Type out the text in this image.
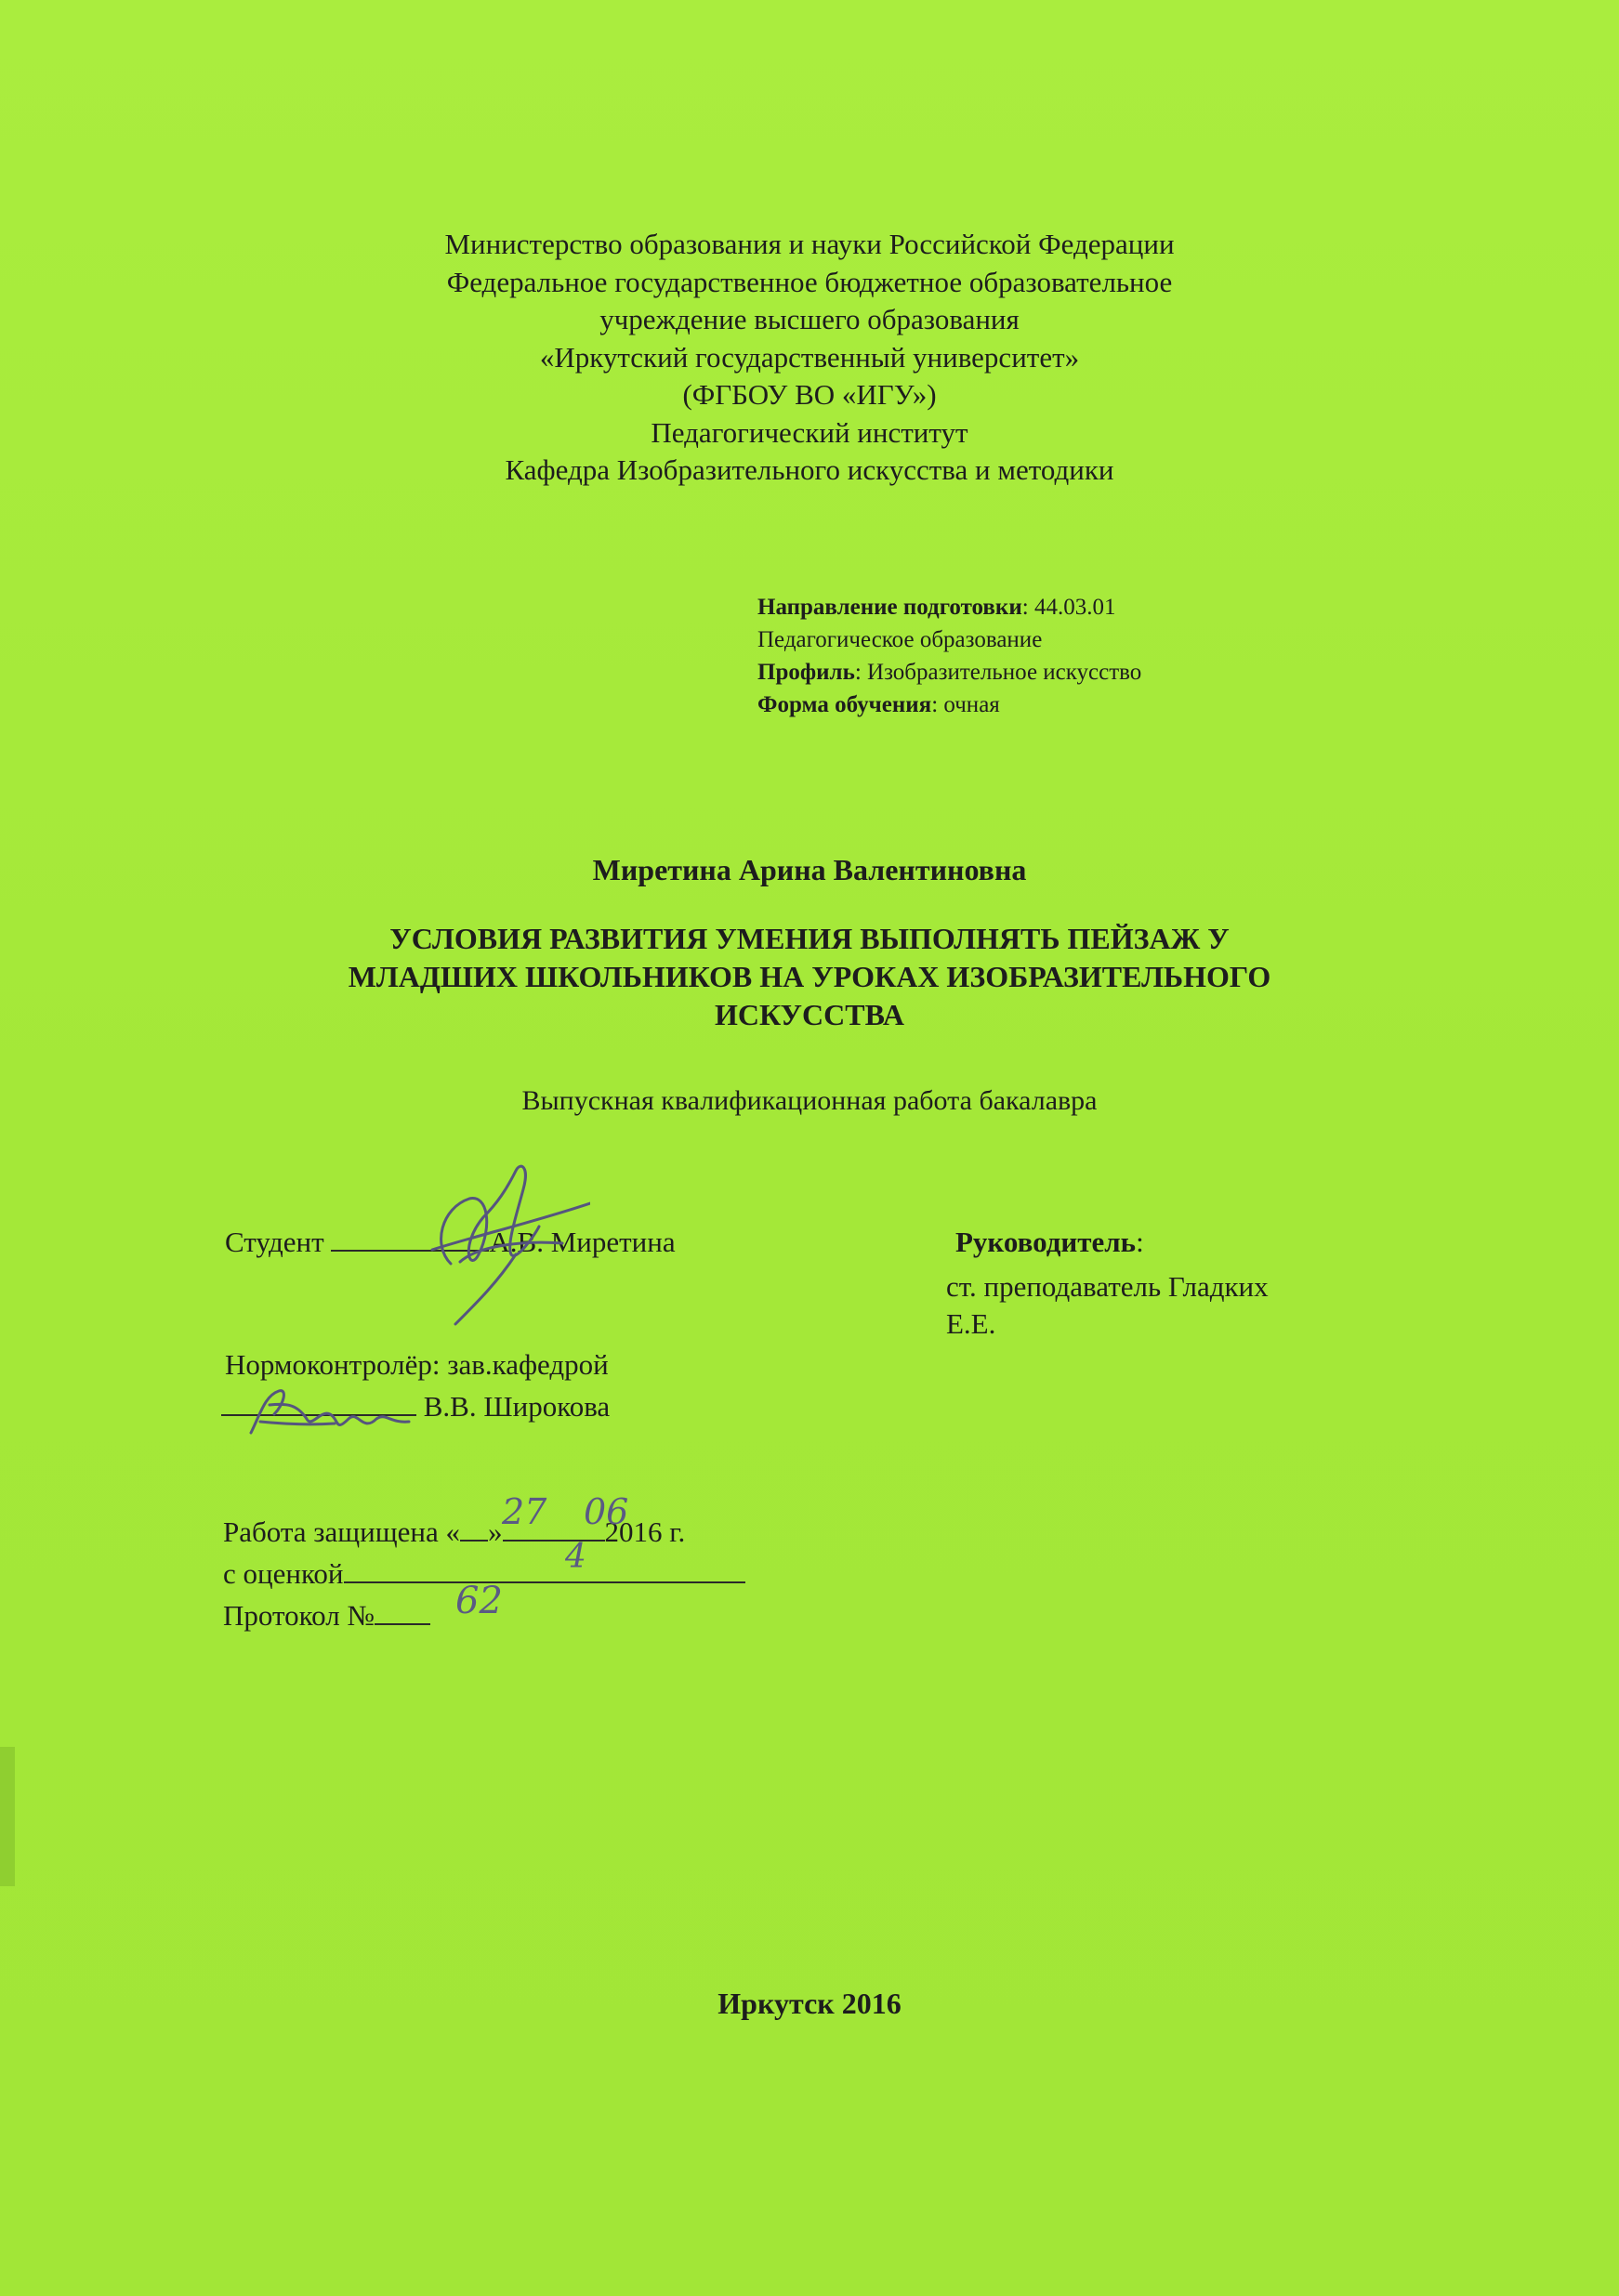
Министерство образования и науки Российской Федерации
Федеральное государственное бюджетное образовательное
учреждение высшего образования
«Иркутский государственный университет»
(ФГБОУ ВО «ИГУ»)
Педагогический институт
Кафедра Изобразительного искусства и методики
Направление подготовки: 44.03.01
Педагогическое образование
Профиль: Изобразительное искусство
Форма обучения: очная
Миретина Арина Валентиновна
УСЛОВИЯ РАЗВИТИЯ УМЕНИЯ ВЫПОЛНЯТЬ ПЕЙЗАЖ У
МЛАДШИХ ШКОЛЬНИКОВ НА УРОКАХ ИЗОБРАЗИТЕЛЬНОГО
ИСКУССТВА
Выпускная квалификационная работа бакалавра
Студент	А.В. Миретина	Руководитель:
ст. преподаватель Гладких
Е.Е.
Нормоконтролёр: зав.кафедрой
В.В. Широкова
Работа защищена « »	2016 г.
27 06
с оценкой	4
Протокол №	62
Иркутск 2016
